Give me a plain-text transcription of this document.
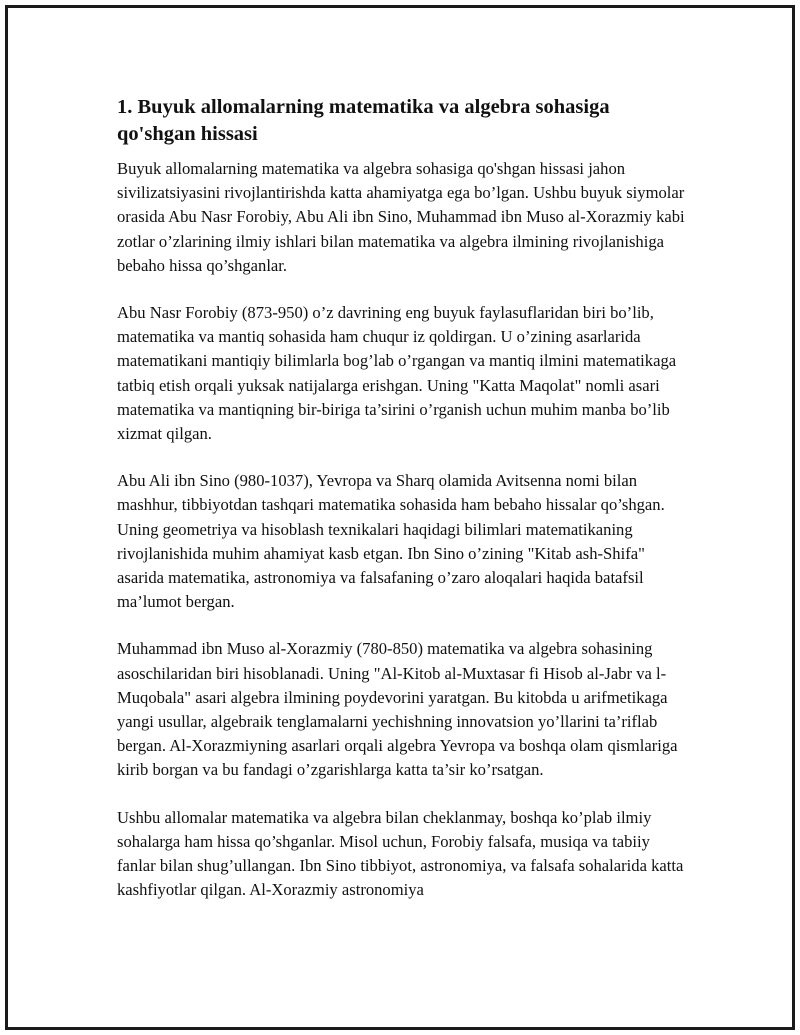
1. Buyuk allomalarning matematika va algebra sohasiga qo'shgan hissasi

Buyuk allomalarning matematika va algebra sohasiga qo'shgan hissasi jahon sivilizatsiyasini rivojlantirishda katta ahamiyatga ega bo’lgan. Ushbu buyuk siymolar orasida Abu Nasr Forobiy, Abu Ali ibn Sino, Muhammad ibn Muso al-Xorazmiy kabi zotlar o’zlarining ilmiy ishlari bilan matematika va algebra ilmining rivojlanishiga bebaho hissa qo’shganlar.

Abu Nasr Forobiy (873-950) o’z davrining eng buyuk faylasuflaridan biri bo’lib, matematika va mantiq sohasida ham chuqur iz qoldirgan. U o’zining asarlarida matematikani mantiqiy bilimlarla bog’lab o’rgangan va mantiq ilmini matematikaga tatbiq etish orqali yuksak natijalarga erishgan. Uning "Katta Maqolat" nomli asari matematika va mantiqning bir-biriga ta’sirini o’rganish uchun muhim manba bo’lib xizmat qilgan.

Abu Ali ibn Sino (980-1037), Yevropa va Sharq olamida Avitsenna nomi bilan mashhur, tibbiyotdan tashqari matematika sohasida ham bebaho hissalar qo’shgan. Uning geometriya va hisoblash texnikalari haqidagi bilimlari matematikaning rivojlanishida muhim ahamiyat kasb etgan. Ibn Sino o’zining "Kitab ash-Shifa" asarida matematika, astronomiya va falsafaning o’zaro aloqalari haqida batafsil ma’lumot bergan.

Muhammad ibn Muso al-Xorazmiy (780-850) matematika va algebra sohasining asoschilaridan biri hisoblanadi. Uning "Al-Kitob al-Muxtasar fi Hisob al-Jabr va l-Muqobala" asari algebra ilmining poydevorini yaratgan. Bu kitobda u arifmetikaga yangi usullar, algebraik tenglamalarni yechishning innovatsion yo’llarini ta’riflab bergan. Al-Xorazmiyning asarlari orqali algebra Yevropa va boshqa olam qismlariga kirib borgan va bu fandagi o’zgarishlarga katta ta’sir ko’rsatgan.

Ushbu allomalar matematika va algebra bilan cheklanmay, boshqa ko’plab ilmiy sohalarga ham hissa qo’shganlar. Misol uchun, Forobiy falsafa, musiqa va tabiiy fanlar bilan shug’ullangan. Ibn Sino tibbiyot, astronomiya, va falsafa sohalarida katta kashfiyotlar qilgan. Al-Xorazmiy astronomiya
